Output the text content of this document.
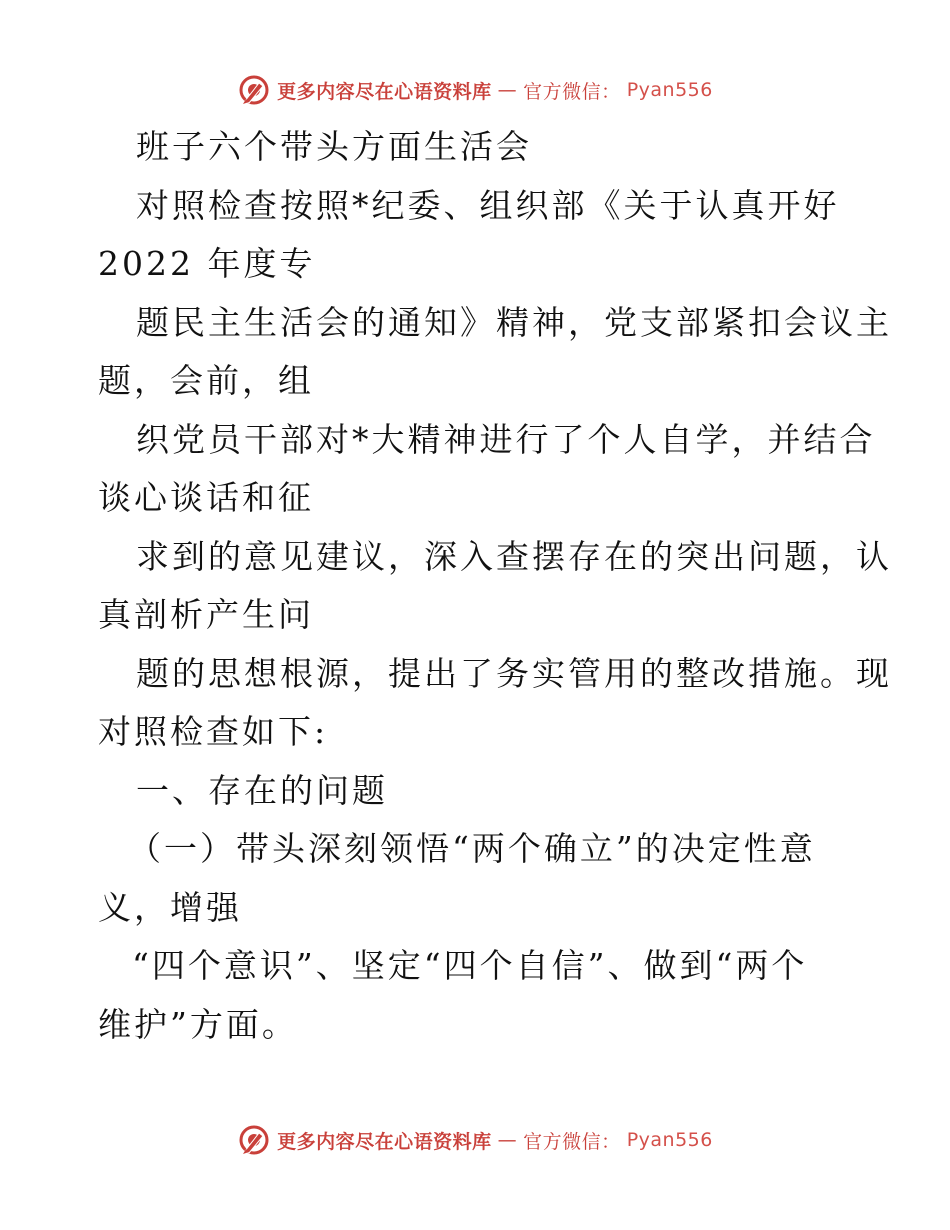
更多内容尽在心语资料库 — 官方微信： Pyan556
班子六个带头方面生活会
对照检查按照*纪委、组织部《关于认真开好
2022 年度专
题民主生活会的通知》精神，党支部紧扣会议主
题，会前，组
织党员干部对*大精神进行了个人自学，并结合
谈心谈话和征
求到的意见建议，深入查摆存在的突出问题，认
真剖析产生问
题的思想根源，提出了务实管用的整改措施。现
对照检查如下:
一、存在的问题
（一）带头深刻领悟“两个确立”的决定性意
义，增强
“四个意识”、坚定“四个自信”、做到“两个
维护”方面。
更多内容尽在心语资料库 — 官方微信： Pyan556
